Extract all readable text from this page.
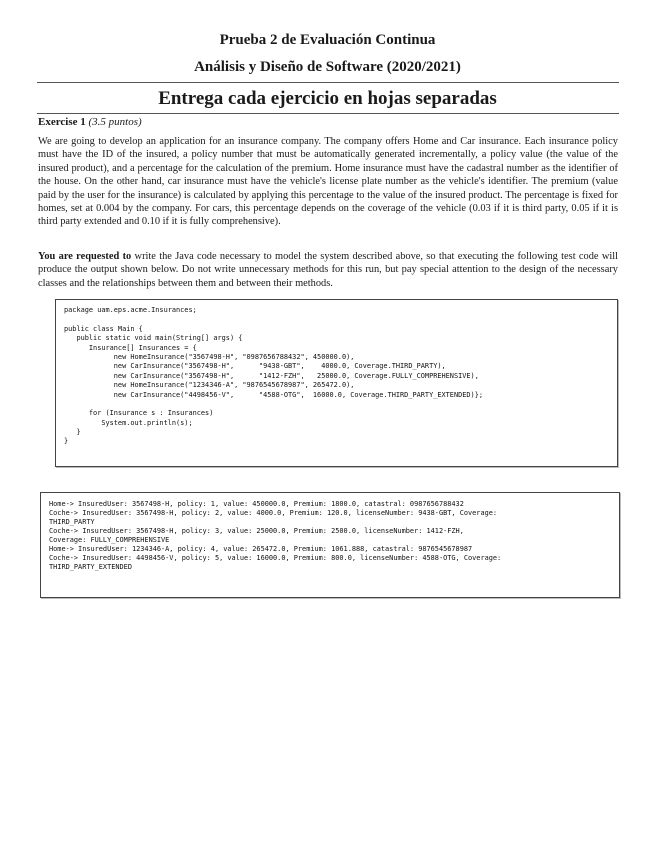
Prueba 2 de Evaluación Continua
Análisis y Diseño de Software (2020/2021)
Entrega cada ejercicio en hojas separadas
Exercise 1 (3.5 puntos)

We are going to develop an application for an insurance company. The company offers Home and Car insurance. Each insurance policy must have the ID of the insured, a policy number that must be automatically generated incrementally, a policy value (the value of the insured product), and a percentage for the calculation of the premium. Home insurance must have the cadastral number as the identifier of the house. On the other hand, car insurance must have the vehicle's license plate number as the vehicle's identifier. The premium (value paid by the user for the insurance) is calculated by applying this percentage to the value of the insured product. The percentage is fixed for homes, set at 0.004 by the company. For cars, this percentage depends on the coverage of the vehicle (0.03 if it is third party, 0.05 if it is third party extended and 0.10 if it is fully comprehensive).

You are requested to write the Java code necessary to model the system described above, so that executing the following test code will produce the output shown below. Do not write unnecessary methods for this run, but pay special attention to the design of the necessary classes and the relationships between them and between their methods.

package uam.eps.acme.Insurances;
public class Main {
public static void main(String[] args) {
Insurance[] Insurances = {
new HomeInsurance("3567498-H", "0987656788432", 450000.0),
new CarInsurance("3567498-H",      "9438-GBT",    4000.0, Coverage.THIRD_PARTY),
new CarInsurance("3567498-H",      "1412-FZH",   25000.0, Coverage.FULLY_COMPREHENSIVE),
new HomeInsurance("1234346-A", "9876545678987", 265472.0),
new CarInsurance("4498456-V",      "4588-OTG",  16000.0, Coverage.THIRD_PARTY_EXTENDED)};
for (Insurance s : Insurances)
System.out.println(s);
}
}
Home-> InsuredUser: 3567498-H, policy: 1, value: 450000.0, Premium: 1800.0, catastral: 0987656788432
Coche-> InsuredUser: 3567498-H, policy: 2, value: 4000.0, Premium: 120.0, licenseNumber: 9438-GBT, Coverage:
THIRD_PARTY
Coche-> InsuredUser: 3567498-H, policy: 3, value: 25000.0, Premium: 2500.0, licenseNumber: 1412-FZH,
Coverage: FULLY_COMPREHENSIVE
Home-> InsuredUser: 1234346-A, policy: 4, value: 265472.0, Premium: 1061.888, catastral: 9876545678987
Coche-> InsuredUser: 4498456-V, policy: 5, value: 16000.0, Premium: 800.0, licenseNumber: 4588-OTG, Coverage:
THIRD_PARTY_EXTENDED
